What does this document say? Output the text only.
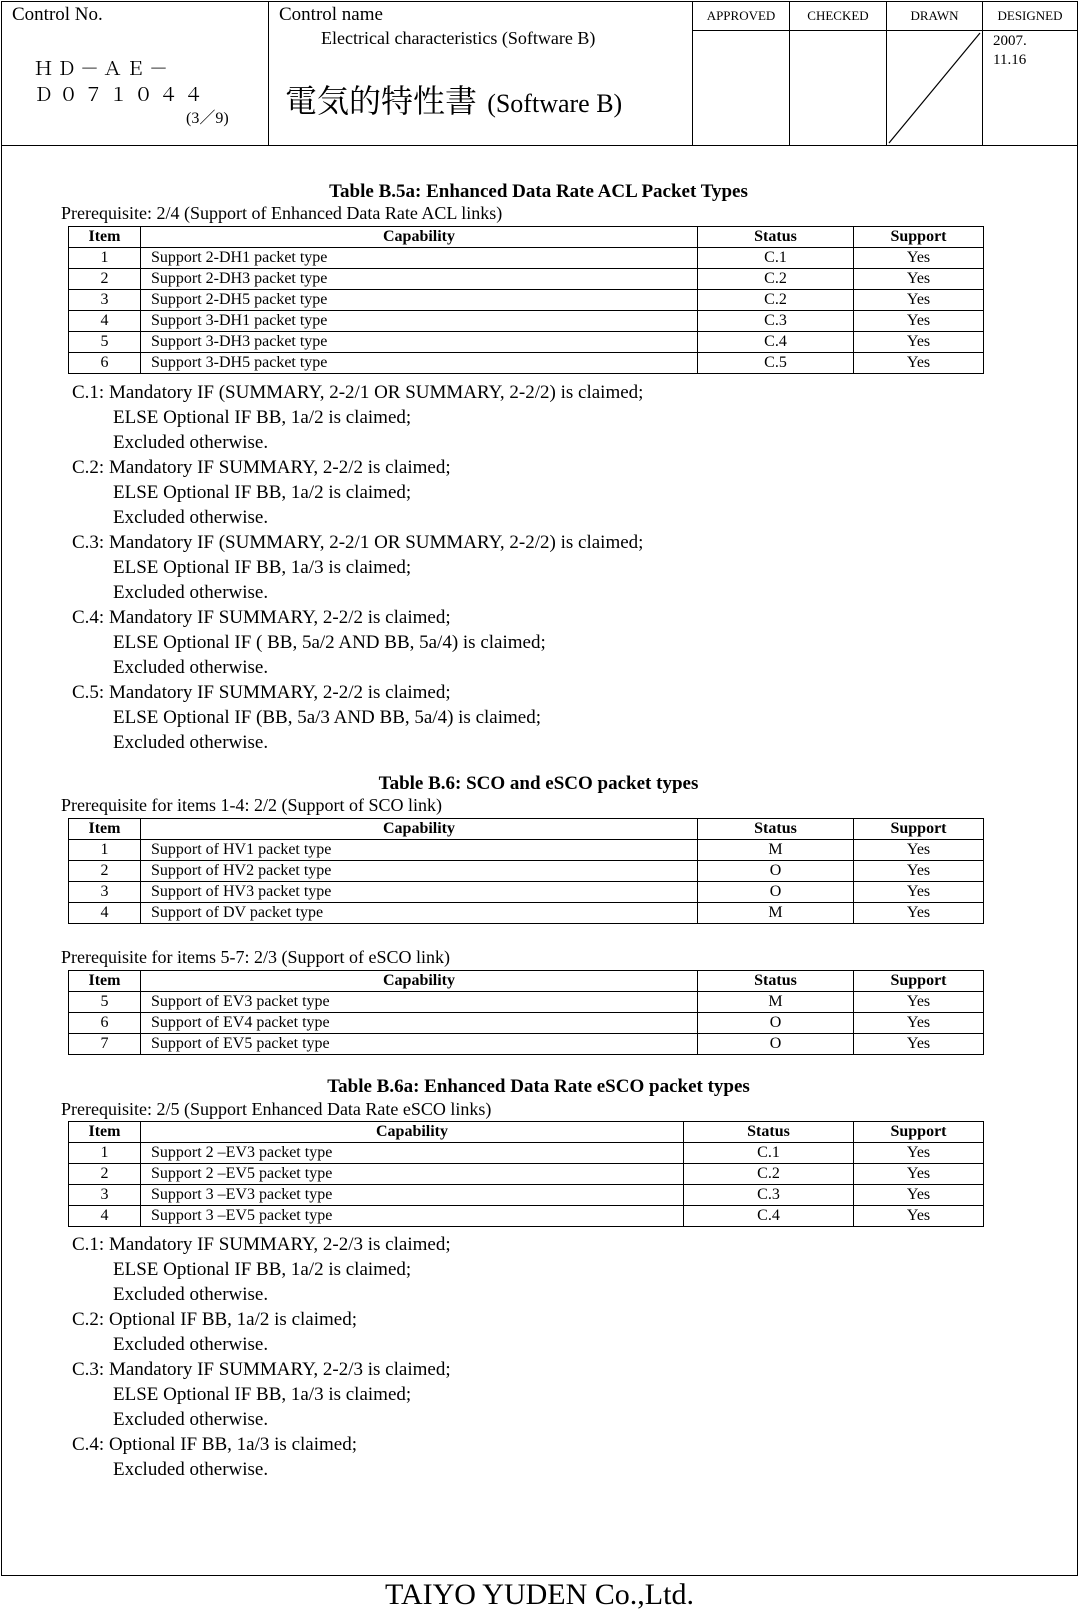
Control No.
ＨＤ－ＡＥ－
Ｄ０７１０４４
(3／9)
Control name
Electrical characteristics (Software B)
電気的特性書 (Software B)
APPROVED	CHECKED	DRAWN	DESIGNED
2007.
11.16
Table B.5a: Enhanced Data Rate ACL Packet Types
Prerequisite: 2/4 (Support of Enhanced Data Rate ACL links)
Item	Capability	Status	Support
1	Support 2-DH1 packet type	C.1	Yes
2	Support 2-DH3 packet type	C.2	Yes
3	Support 2-DH5 packet type	C.2	Yes
4	Support 3-DH1 packet type	C.3	Yes
5	Support 3-DH3 packet type	C.4	Yes
6	Support 3-DH5 packet type	C.5	Yes
C.1: Mandatory IF (SUMMARY, 2-2/1 OR SUMMARY, 2-2/2) is claimed;
ELSE Optional IF BB, 1a/2 is claimed;
Excluded otherwise.
C.2: Mandatory IF SUMMARY, 2-2/2 is claimed;
ELSE Optional IF BB, 1a/2 is claimed;
Excluded otherwise.
C.3: Mandatory IF (SUMMARY, 2-2/1 OR SUMMARY, 2-2/2) is claimed;
ELSE Optional IF BB, 1a/3 is claimed;
Excluded otherwise.
C.4: Mandatory IF SUMMARY, 2-2/2 is claimed;
ELSE Optional IF ( BB, 5a/2 AND BB, 5a/4) is claimed;
Excluded otherwise.
C.5: Mandatory IF SUMMARY, 2-2/2 is claimed;
ELSE Optional IF (BB, 5a/3 AND BB, 5a/4) is claimed;
Excluded otherwise.
Table B.6: SCO and eSCO packet types
Prerequisite for items 1-4: 2/2 (Support of SCO link)
Item	Capability	Status	Support
1	Support of HV1 packet type	M	Yes
2	Support of HV2 packet type	O	Yes
3	Support of HV3 packet type	O	Yes
4	Support of DV packet type	M	Yes
Prerequisite for items 5-7: 2/3 (Support of eSCO link)
Item	Capability	Status	Support
5	Support of EV3 packet type	M	Yes
6	Support of EV4 packet type	O	Yes
7	Support of EV5 packet type	O	Yes
Table B.6a: Enhanced Data Rate eSCO packet types
Prerequisite: 2/5 (Support Enhanced Data Rate eSCO links)
Item	Capability	Status	Support
1	Support 2 –EV3 packet type	C.1	Yes
2	Support 2 –EV5 packet type	C.2	Yes
3	Support 3 –EV3 packet type	C.3	Yes
4	Support 3 –EV5 packet type	C.4	Yes
C.1: Mandatory IF SUMMARY, 2-2/3 is claimed;
ELSE Optional IF BB, 1a/2 is claimed;
Excluded otherwise.
C.2: Optional IF BB, 1a/2 is claimed;
Excluded otherwise.
C.3: Mandatory IF SUMMARY, 2-2/3 is claimed;
ELSE Optional IF BB, 1a/3 is claimed;
Excluded otherwise.
C.4: Optional IF BB, 1a/3 is claimed;
Excluded otherwise.
TAIYO YUDEN Co.,Ltd.
